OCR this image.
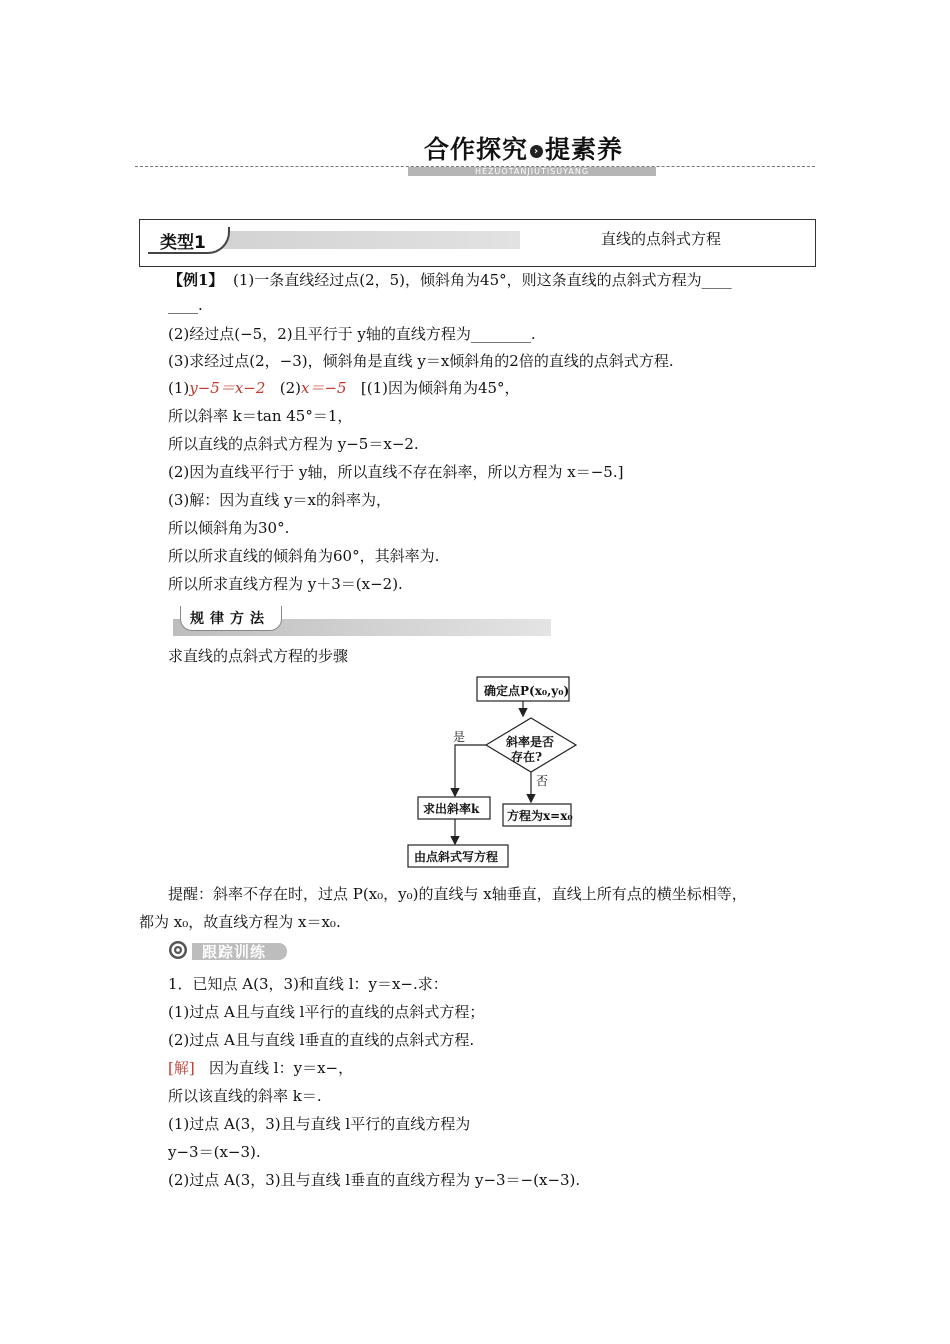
合作探究 › 提素养
HEZUOTANJIUTISUYANG
类型1	直线的点斜式方程
【例1】 (1)一条直线经过点(2，5)，倾斜角为45°，则这条直线的点斜式方程为____
____.
(2)经过点(−5，2)且平行于 y轴的直线方程为________.
(3)求经过点(2，−3)，倾斜角是直线 y＝x倾斜角的2倍的直线的点斜式方程.
(1)y−5＝x−2 (2)x＝−5 [(1)因为倾斜角为45°，
所以斜率 k＝tan 45°＝1，
所以直线的点斜式方程为 y−5＝x−2.
(2)因为直线平行于 y轴，所以直线不存在斜率，所以方程为 x＝−5.]
(3)解：因为直线 y＝x的斜率为，
所以倾斜角为30°.
所以所求直线的倾斜角为60°，其斜率为.
所以所求直线方程为 y＋3＝(x−2).
规律方法
求直线的点斜式方程的步骤
确定点P(x₀,y₀)
斜率是否
存在?
是
否
求出斜率k 方程为x=x₀
由点斜式写方程
提醒：斜率不存在时，过点 P(x₀，y₀)的直线与 x轴垂直，直线上所有点的横坐标相等，
都为 x₀，故直线方程为 x＝x₀.
跟踪训练
1．已知点 A(3，3)和直线 l：y＝x−.求：
(1)过点 A且与直线 l平行的直线的点斜式方程；
(2)过点 A且与直线 l垂直的直线的点斜式方程.
[解] 因为直线 l：y＝x−，
所以该直线的斜率 k＝.
(1)过点 A(3，3)且与直线 l平行的直线方程为
y−3＝(x−3).
(2)过点 A(3，3)且与直线 l垂直的直线方程为 y−3＝−(x−3).
